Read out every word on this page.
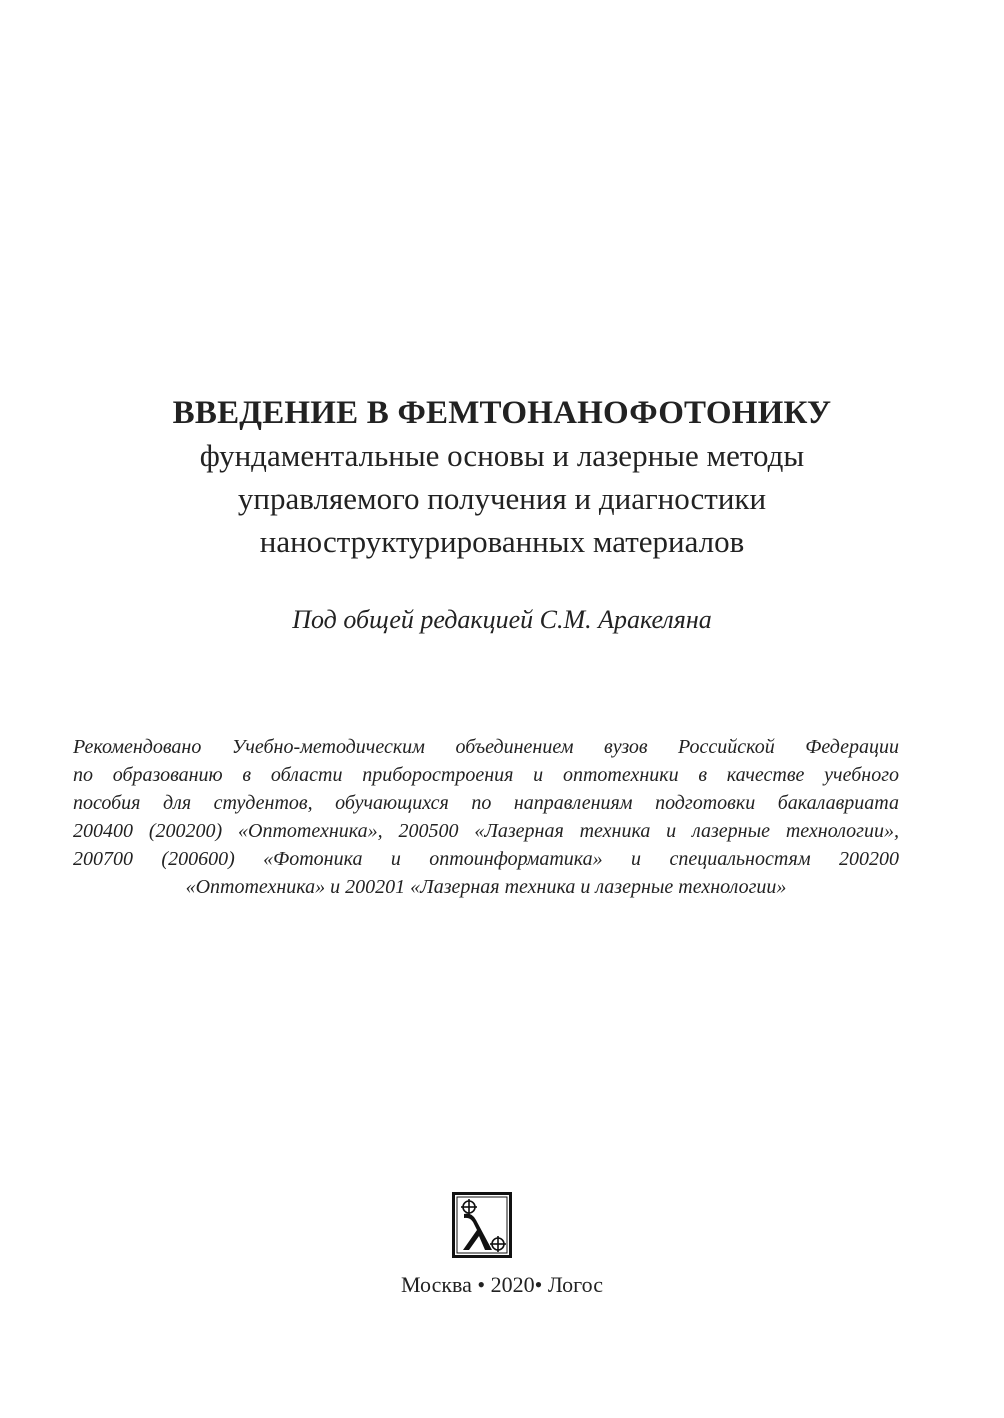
ВВЕДЕНИЕ В ФЕМТОНАНОФОТОНИКУ

фундаментальные основы и лазерные методы

управляемого получения и диагностики

наноструктурированных материалов

Под общей редакцией С.М. Аракеляна
Рекомендовано Учебно-методическим объединением вузов Российской Федерации
по образованию в области приборостроения и оптотехники в качестве учебного
пособия для студентов, обучающихся по направлениям подготовки бакалавриата
200400 (200200) «Оптотехника», 200500 «Лазерная техника и лазерные технологии»,
200700 (200600) «Фотоника и оптоинформатика» и специальностям 200200
«Оптотехника» и 200201 «Лазерная техника и лазерные технологии»
Москва • 2020• Логос
